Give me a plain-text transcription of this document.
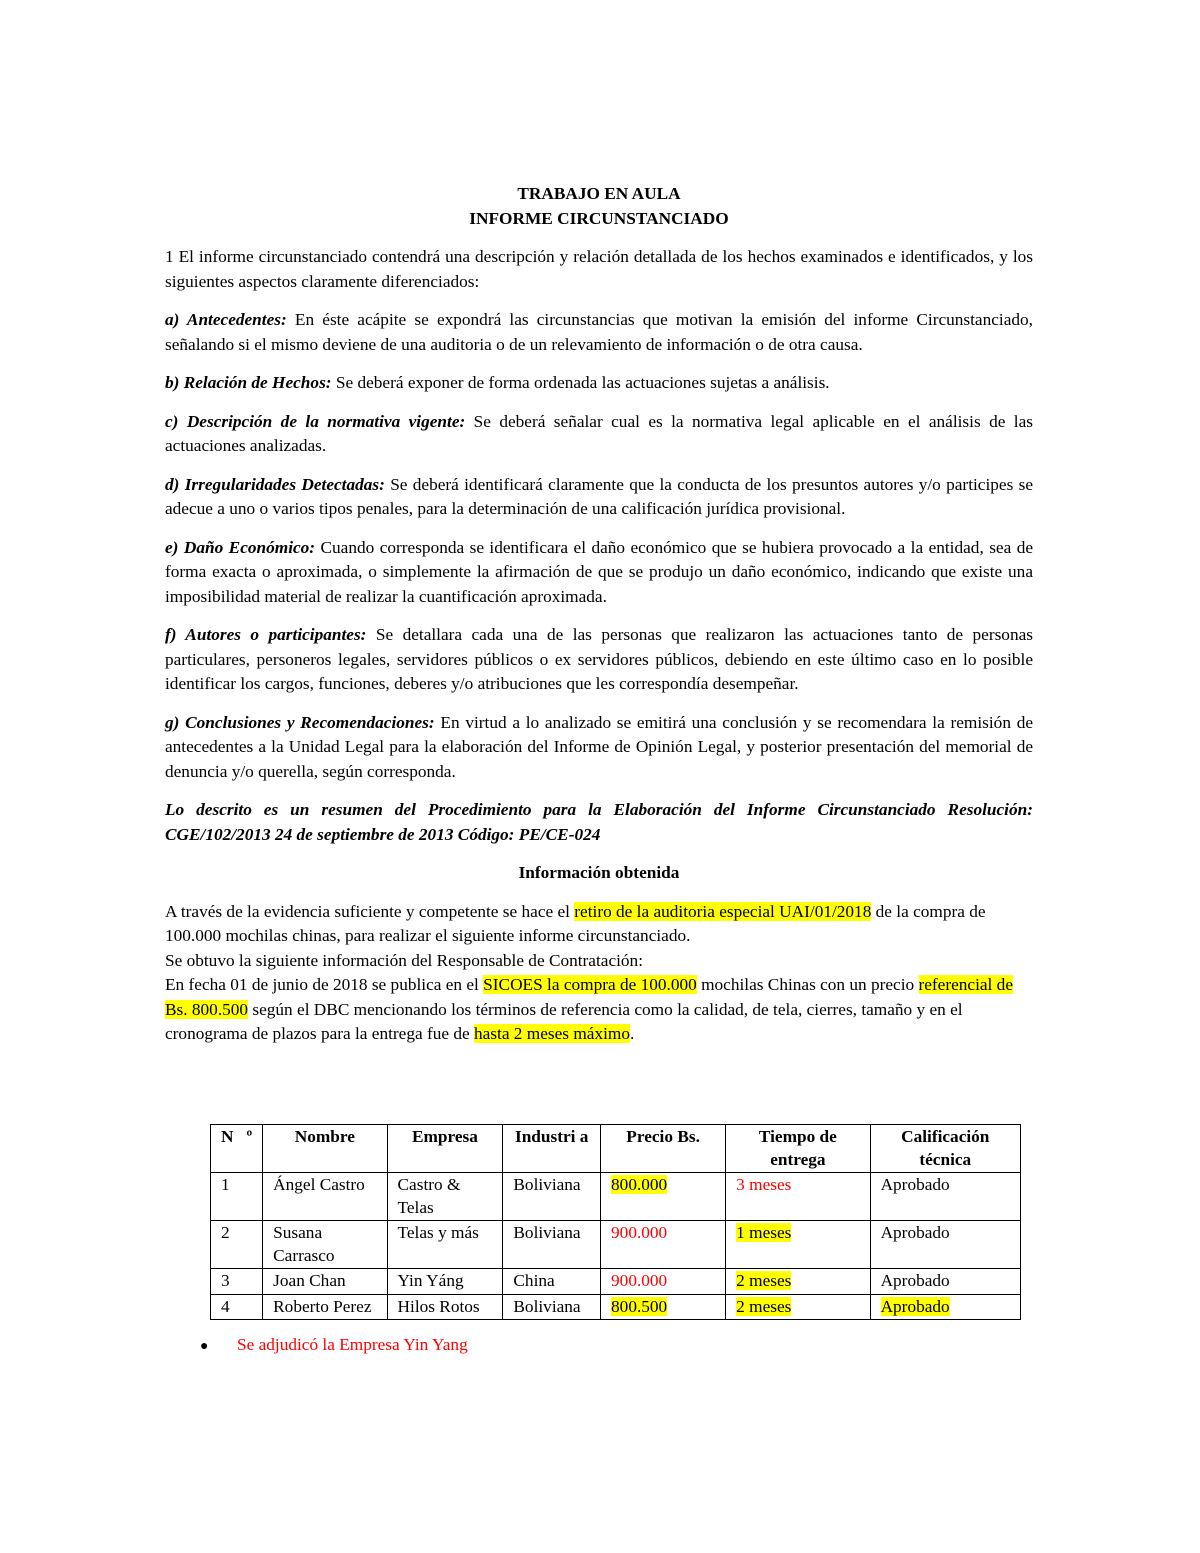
TRABAJO EN AULA

INFORME CIRCUNSTANCIADO

1 El informe circunstanciado contendrá una descripción y relación detallada de los hechos examinados e identificados, y los siguientes aspectos claramente diferenciados:

a) Antecedentes: En éste acápite se expondrá las circunstancias que motivan la emisión del informe Circunstanciado, señalando si el mismo deviene de una auditoria o de un relevamiento de información o de otra causa.

b) Relación de Hechos: Se deberá exponer de forma ordenada las actuaciones sujetas a análisis.

c) Descripción de la normativa vigente: Se deberá señalar cual es la normativa legal aplicable en el análisis de las actuaciones analizadas.

d) Irregularidades Detectadas: Se deberá identificará claramente que la conducta de los presuntos autores y/o participes se adecue a uno o varios tipos penales, para la determinación de una calificación jurídica provisional.

e) Daño Económico: Cuando corresponda se identificara el daño económico que se hubiera provocado a la entidad, sea de forma exacta o aproximada, o simplemente la afirmación de que se produjo un daño económico, indicando que existe una imposibilidad material de realizar la cuantificación aproximada.

f) Autores o participantes: Se detallara cada una de las personas que realizaron las actuaciones tanto de personas particulares, personeros legales, servidores públicos o ex servidores públicos, debiendo en este último caso en lo posible identificar los cargos, funciones, deberes y/o atribuciones que les correspondía desempeñar.

g) Conclusiones y Recomendaciones: En virtud a lo analizado se emitirá una conclusión y se recomendara la remisión de antecedentes a la Unidad Legal para la elaboración del Informe de Opinión Legal, y posterior presentación del memorial de denuncia y/o querella, según corresponda.

Lo descrito es un resumen del Procedimiento para la Elaboración del Informe Circunstanciado Resolución: CGE/102/2013 24 de septiembre de 2013 Código: PE/CE-024

Información obtenida

A través de la evidencia suficiente y competente se hace el retiro de la auditoria especial UAI/01/2018 de la compra de 100.000 mochilas chinas, para realizar el siguiente informe circunstanciado.

Se obtuvo la siguiente información del Responsable de Contratación:

En fecha 01 de junio de 2018 se publica en el SICOES la compra de 100.000 mochilas Chinas con un precio referencial de Bs. 800.500 según el DBC mencionando los términos de referencia como la calidad, de tela, cierres, tamaño y en el cronograma de plazos para la entrega fue de hasta 2 meses máximo.

N   º	Nombre	Empresa	Industri a	Precio Bs.	Tiempo de entrega	Calificación técnica
1	Ángel Castro	Castro & Telas	Boliviana	800.000	3 meses	Aprobado
2	Susana Carrasco	Telas y más	Boliviana	900.000	1 meses	Aprobado
3	Joan Chan	Yin Yáng	China	900.000	2 meses	Aprobado
4	Roberto Perez	Hilos Rotos	Boliviana	800.500	2 meses	Aprobado
● Se adjudicó la Empresa Yin Yang
